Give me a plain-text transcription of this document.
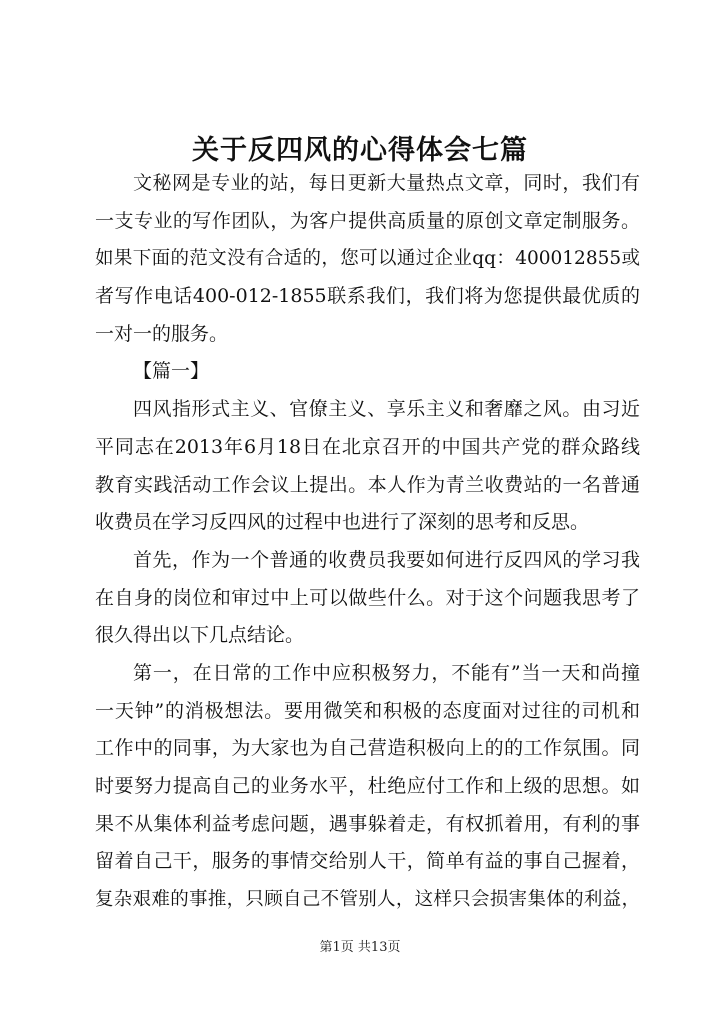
关于反四风的心得体会七篇
文秘网是专业的站，每日更新大量热点文章，同时，我们有
一支专业的写作团队，为客户提供高质量的原创文章定制服务。
如果下面的范文没有合适的，您可以通过企业qq：400012855或
者写作电话400-012-1855联系我们，我们将为您提供最优质的
一对一的服务。
【篇一】
四风指形式主义、官僚主义、享乐主义和奢靡之风。由习近
平同志在2013年6月18日在北京召开的中国共产党的群众路线
教育实践活动工作会议上提出。本人作为青兰收费站的一名普通
收费员在学习反四风的过程中也进行了深刻的思考和反思。
首先，作为一个普通的收费员我要如何进行反四风的学习我
在自身的岗位和审过中上可以做些什么。对于这个问题我思考了
很久得出以下几点结论。
第一，在日常的工作中应积极努力，不能有”当一天和尚撞
一天钟”的消极想法。要用微笑和积极的态度面对过往的司机和
工作中的同事，为大家也为自己营造积极向上的的工作氛围。同
时要努力提高自己的业务水平，杜绝应付工作和上级的思想。如
果不从集体利益考虑问题，遇事躲着走，有权抓着用，有利的事
留着自己干，服务的事情交给别人干，简单有益的事自己握着，
复杂艰难的事推，只顾自己不管别人，这样只会损害集体的利益，
第1页 共13页
